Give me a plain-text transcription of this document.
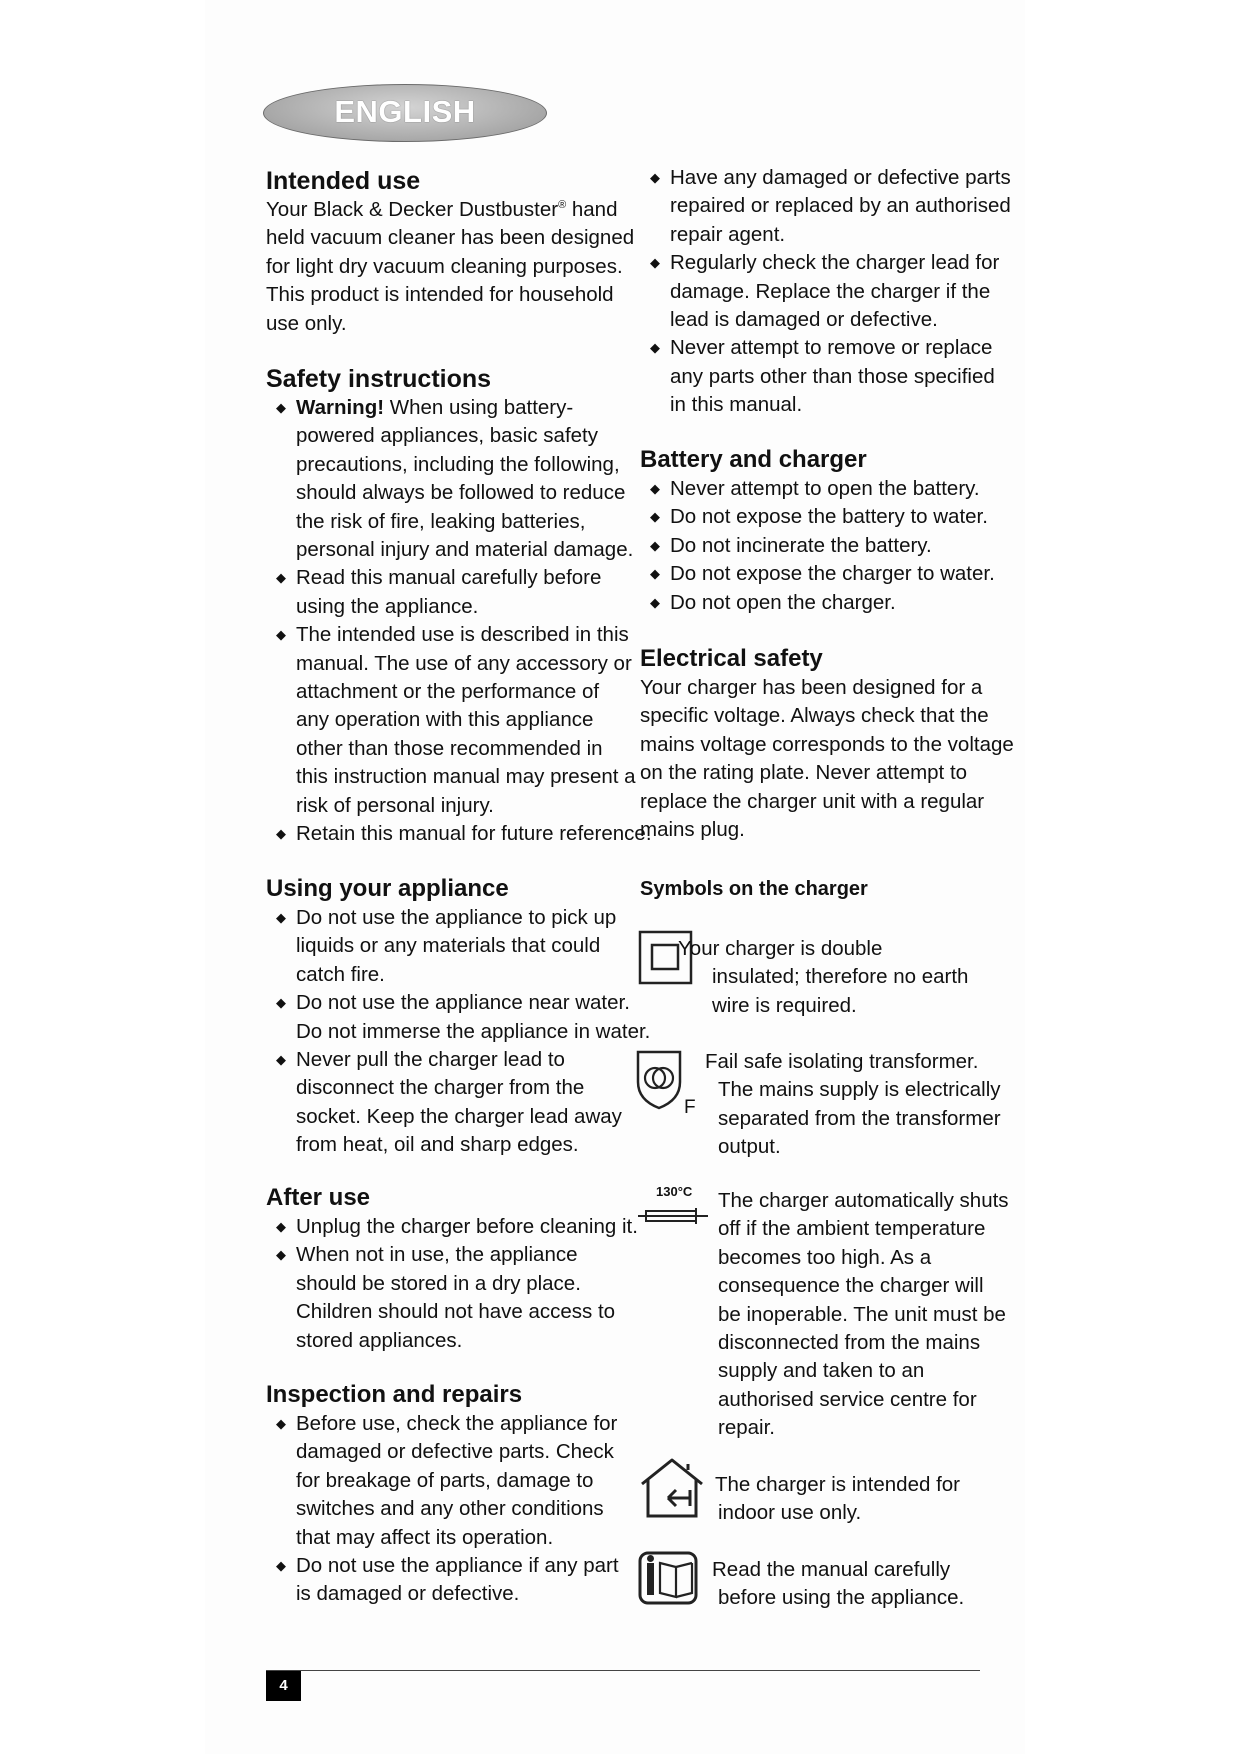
ENGLISH
Intended use
Your Black & Decker Dustbuster® hand
held vacuum cleaner has been designed
for light dry vacuum cleaning purposes.
This product is intended for household
use only.
Safety instructions
◆ Warning! When using battery-
powered appliances, basic safety
precautions, including the following,
should always be followed to reduce
the risk of fire, leaking batteries,
personal injury and material damage.
◆ Read this manual carefully before
using the appliance.
◆ The intended use is described in this
manual. The use of any accessory or
attachment or the performance of
any operation with this appliance
other than those recommended in
this instruction manual may present a
risk of personal injury.
◆ Retain this manual for future reference.
Using your appliance
◆ Do not use the appliance to pick up
liquids or any materials that could
catch fire.
◆ Do not use the appliance near water.
Do not immerse the appliance in water.
◆ Never pull the charger lead to
disconnect the charger from the
socket. Keep the charger lead away
from heat, oil and sharp edges.
After use
◆ Unplug the charger before cleaning it.
◆ When not in use, the appliance
should be stored in a dry place.
Children should not have access to
stored appliances.
Inspection and repairs
◆ Before use, check the appliance for
damaged or defective parts. Check
for breakage of parts, damage to
switches and any other conditions
that may affect its operation.
◆ Do not use the appliance if any part
is damaged or defective.
◆ Have any damaged or defective parts
repaired or replaced by an authorised
repair agent.
◆ Regularly check the charger lead for
damage. Replace the charger if the
lead is damaged or defective.
◆ Never attempt to remove or replace
any parts other than those specified
in this manual.
Battery and charger
◆ Never attempt to open the battery.
◆ Do not expose the battery to water.
◆ Do not incinerate the battery.
◆ Do not expose the charger to water.
◆ Do not open the charger.
Electrical safety
Your charger has been designed for a
specific voltage. Always check that the
mains voltage corresponds to the voltage
on the rating plate. Never attempt to
replace the charger unit with a regular
mains plug.
Symbols on the charger
Your charger is double
insulated; therefore no earth
wire is required.
F
Fail safe isolating transformer.
The mains supply is electrically
separated from the transformer
output.
130°C The charger automatically shuts
off if the ambient temperature
becomes too high. As a
consequence the charger will
be inoperable. The unit must be
disconnected from the mains
supply and taken to an
authorised service centre for
repair.
The charger is intended for
indoor use only.
Read the manual carefully
before using the appliance.
4
